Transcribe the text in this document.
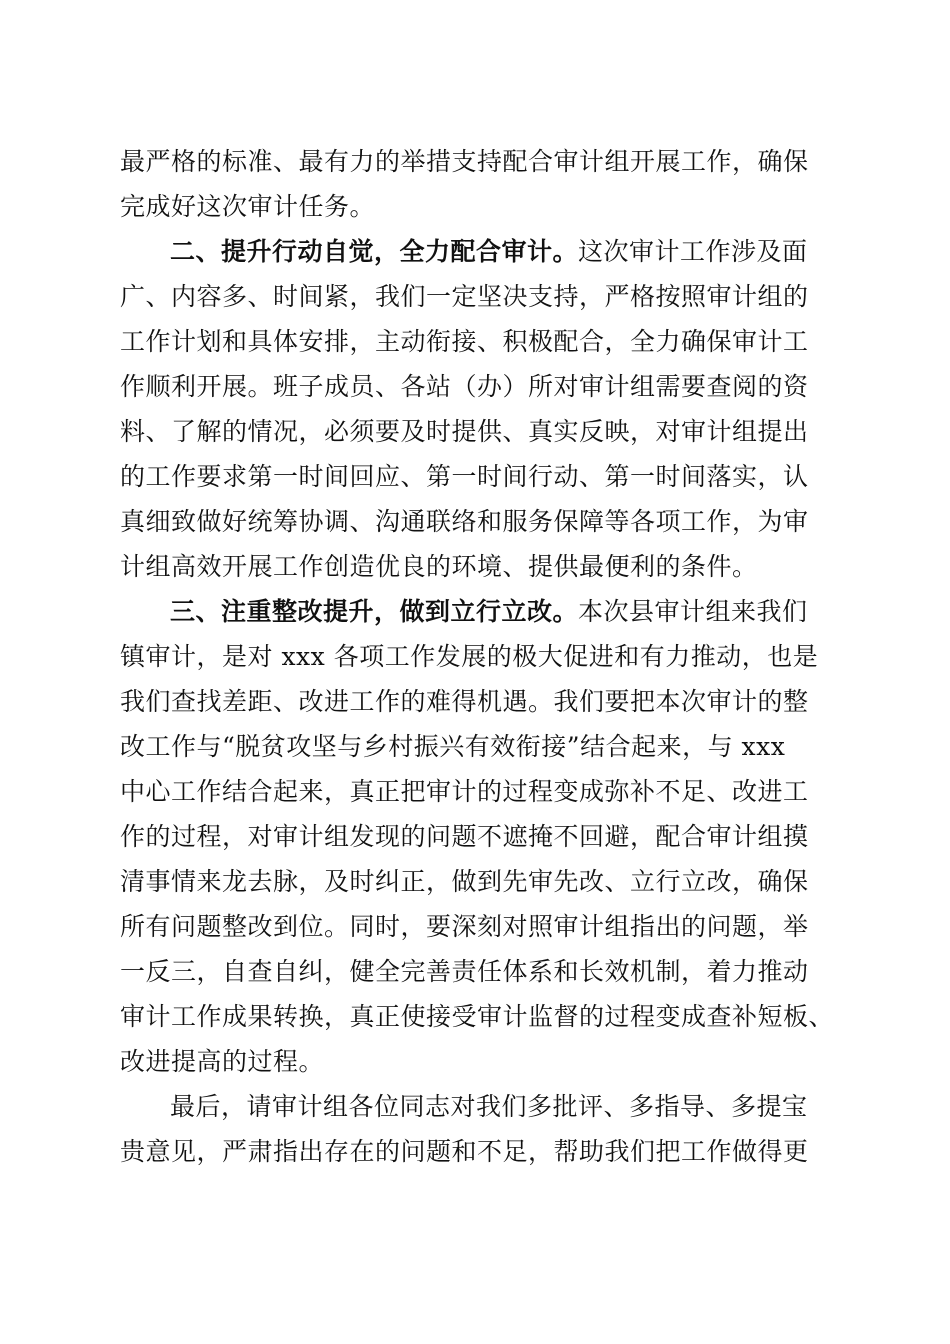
最严格的标准、最有力的举措支持配合审计组开展工作，确保
完成好这次审计任务。
二、提升行动自觉，全力配合审计。这次审计工作涉及面
广、内容多、时间紧，我们一定坚决支持，严格按照审计组的
工作计划和具体安排，主动衔接、积极配合，全力确保审计工
作顺利开展。班子成员、各站（办）所对审计组需要查阅的资
料、了解的情况，必须要及时提供、真实反映，对审计组提出
的工作要求第一时间回应、第一时间行动、第一时间落实，认
真细致做好统筹协调、沟通联络和服务保障等各项工作，为审
计组高效开展工作创造优良的环境、提供最便利的条件。
三、注重整改提升，做到立行立改。本次县审计组来我们
镇审计，是对 xxx 各项工作发展的极大促进和有力推动，也是
我们查找差距、改进工作的难得机遇。我们要把本次审计的整
改工作与“脱贫攻坚与乡村振兴有效衔接”结合起来，与 xxx
中心工作结合起来，真正把审计的过程变成弥补不足、改进工
作的过程，对审计组发现的问题不遮掩不回避，配合审计组摸
清事情来龙去脉，及时纠正，做到先审先改、立行立改，确保
所有问题整改到位。同时，要深刻对照审计组指出的问题，举
一反三，自查自纠，健全完善责任体系和长效机制，着力推动
审计工作成果转换，真正使接受审计监督的过程变成查补短板、
改进提高的过程。
最后，请审计组各位同志对我们多批评、多指导、多提宝
贵意见，严肃指出存在的问题和不足，帮助我们把工作做得更
